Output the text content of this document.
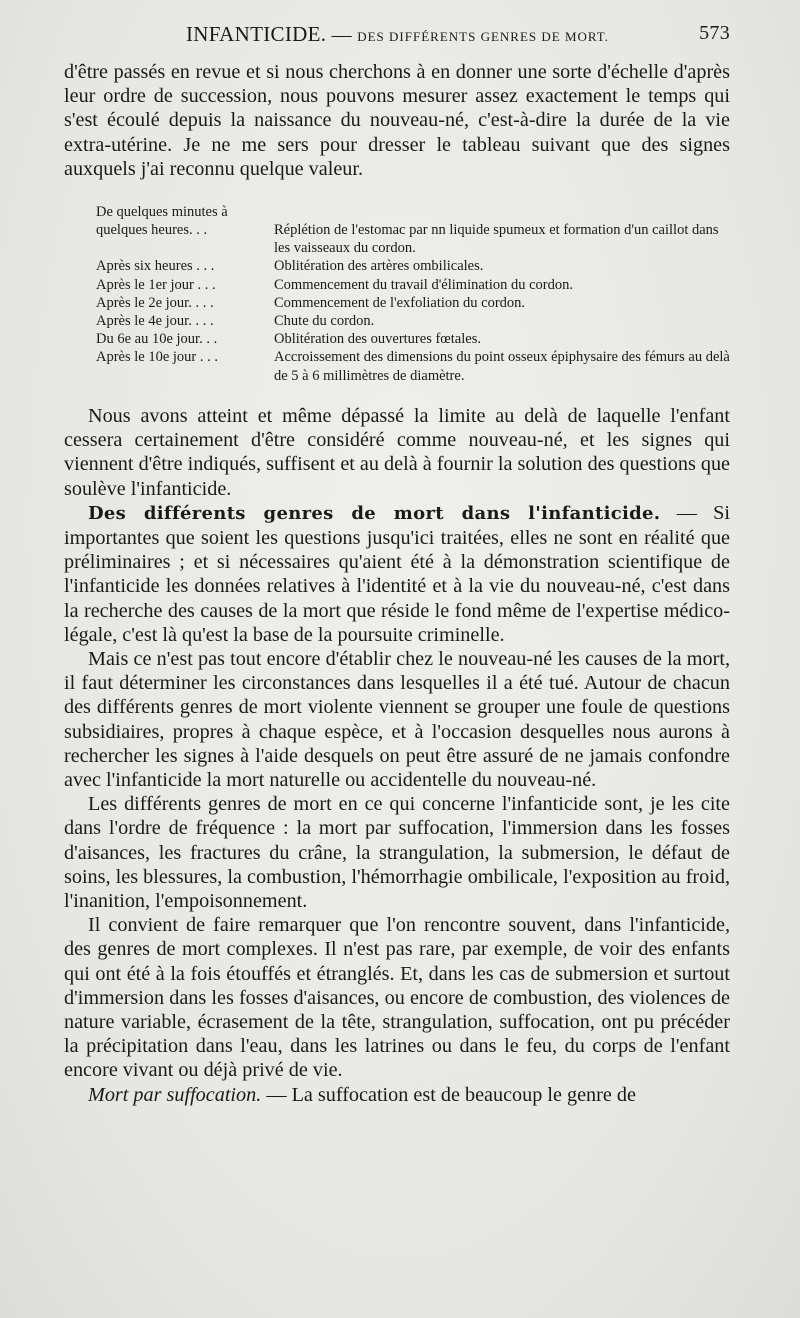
INFANTICIDE. — DES DIFFÉRENTS GENRES DE MORT.	573

d'être passés en revue et si nous cherchons à en donner une sorte d'échelle d'après leur ordre de succession, nous pouvons mesurer assez exactement le temps qui s'est écoulé depuis la naissance du nouveau-né, c'est-à-dire la durée de la vie extra-utérine. Je ne me sers pour dresser le tableau suivant que des signes auxquels j'ai reconnu quelque valeur.

De quelques minutes à quelques heures. . .	Réplétion de l'estomac par nn liquide spumeux et formation d'un caillot dans les vaisseaux du cordon.
Après six heures . . .	Oblitération des artères ombilicales.
Après le 1er jour . . .	Commencement du travail d'élimination du cordon.
Après le 2e jour. . . .	Commencement de l'exfoliation du cordon.
Après le 4e jour. . . .	Chute du cordon.
Du 6e au 10e jour. . .	Oblitération des ouvertures fœtales.
Après le 10e jour . . .	Accroissement des dimensions du point osseux épiphysaire des fémurs au delà de 5 à 6 millimètres de diamètre.

Nous avons atteint et même dépassé la limite au delà de laquelle l'enfant cessera certainement d'être considéré comme nouveau-né, et les signes qui viennent d'être indiqués, suffisent et au delà à fournir la solution des questions que soulève l'infanticide.

Des différents genres de mort dans l'infanticide. — Si importantes que soient les questions jusqu'ici traitées, elles ne sont en réalité que préliminaires ; et si nécessaires qu'aient été à la démonstration scientifique de l'infanticide les données relatives à l'identité et à la vie du nouveau-né, c'est dans la recherche des causes de la mort que réside le fond même de l'expertise médico-légale, c'est là qu'est la base de la poursuite criminelle.

Mais ce n'est pas tout encore d'établir chez le nouveau-né les causes de la mort, il faut déterminer les circonstances dans lesquelles il a été tué. Autour de chacun des différents genres de mort violente viennent se grouper une foule de questions subsidiaires, propres à chaque espèce, et à l'occasion desquelles nous aurons à rechercher les signes à l'aide desquels on peut être assuré de ne jamais confondre avec l'infanticide la mort naturelle ou accidentelle du nouveau-né.

Les différents genres de mort en ce qui concerne l'infanticide sont, je les cite dans l'ordre de fréquence : la mort par suffocation, l'immersion dans les fosses d'aisances, les fractures du crâne, la strangulation, la submersion, le défaut de soins, les blessures, la combustion, l'hémorrhagie ombilicale, l'exposition au froid, l'inanition, l'empoisonnement.

Il convient de faire remarquer que l'on rencontre souvent, dans l'infanticide, des genres de mort complexes. Il n'est pas rare, par exemple, de voir des enfants qui ont été à la fois étouffés et étranglés. Et, dans les cas de submersion et surtout d'immersion dans les fosses d'aisances, ou encore de combustion, des violences de nature variable, écrasement de la tête, strangulation, suffocation, ont pu précéder la précipitation dans l'eau, dans les latrines ou dans le feu, du corps de l'enfant encore vivant ou déjà privé de vie.

Mort par suffocation. — La suffocation est de beaucoup le genre de
